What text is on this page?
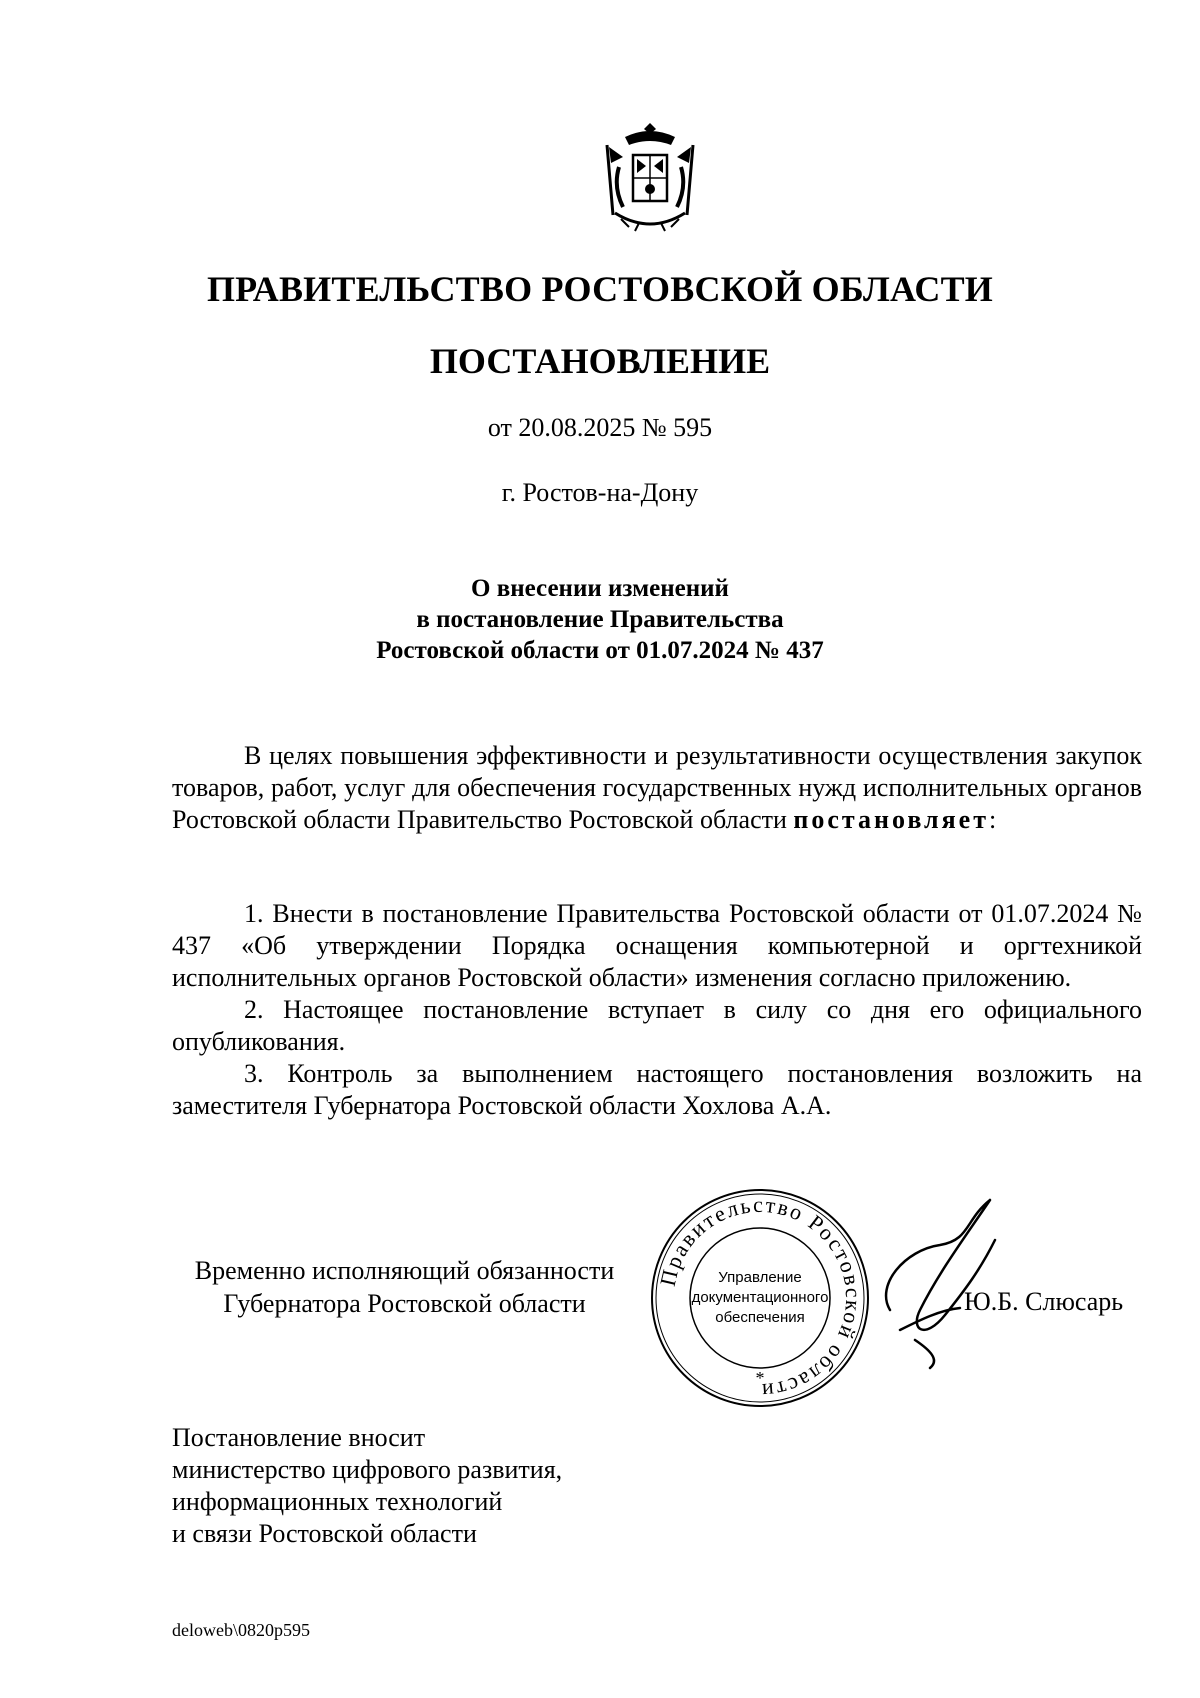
ПРАВИТЕЛЬСТВО РОСТОВСКОЙ ОБЛАСТИ
ПОСТАНОВЛЕНИЕ
от 20.08.2025 № 595
г. Ростов-на-Дону
О внесении изменений
в постановление Правительства
Ростовской области от 01.07.2024 № 437

В целях повышения эффективности и результативности осуществления закупок товаров, работ, услуг для обеспечения государственных нужд исполнительных органов Ростовской области Правительство Ростовской области постановляет:

1. Внести в постановление Правительства Ростовской области от 01.07.2024 № 437 «Об утверждении Порядка оснащения компьютерной и оргтехникой исполнительных органов Ростовской области» изменения согласно приложению.

2. Настоящее постановление вступает в силу со дня его официального опубликования.

3. Контроль за выполнением настоящего постановления возложить на заместителя Губернатора Ростовской области Хохлова А.А.

Временно исполняющий обязанности
Губернатора Ростовской области
Правительство Ростовской области
Управление
документационного
обеспечения
*
Ю.Б. Слюсарь
Постановление вносит
министерство цифрового развития,
информационных технологий
и связи Ростовской области
deloweb\0820p595
